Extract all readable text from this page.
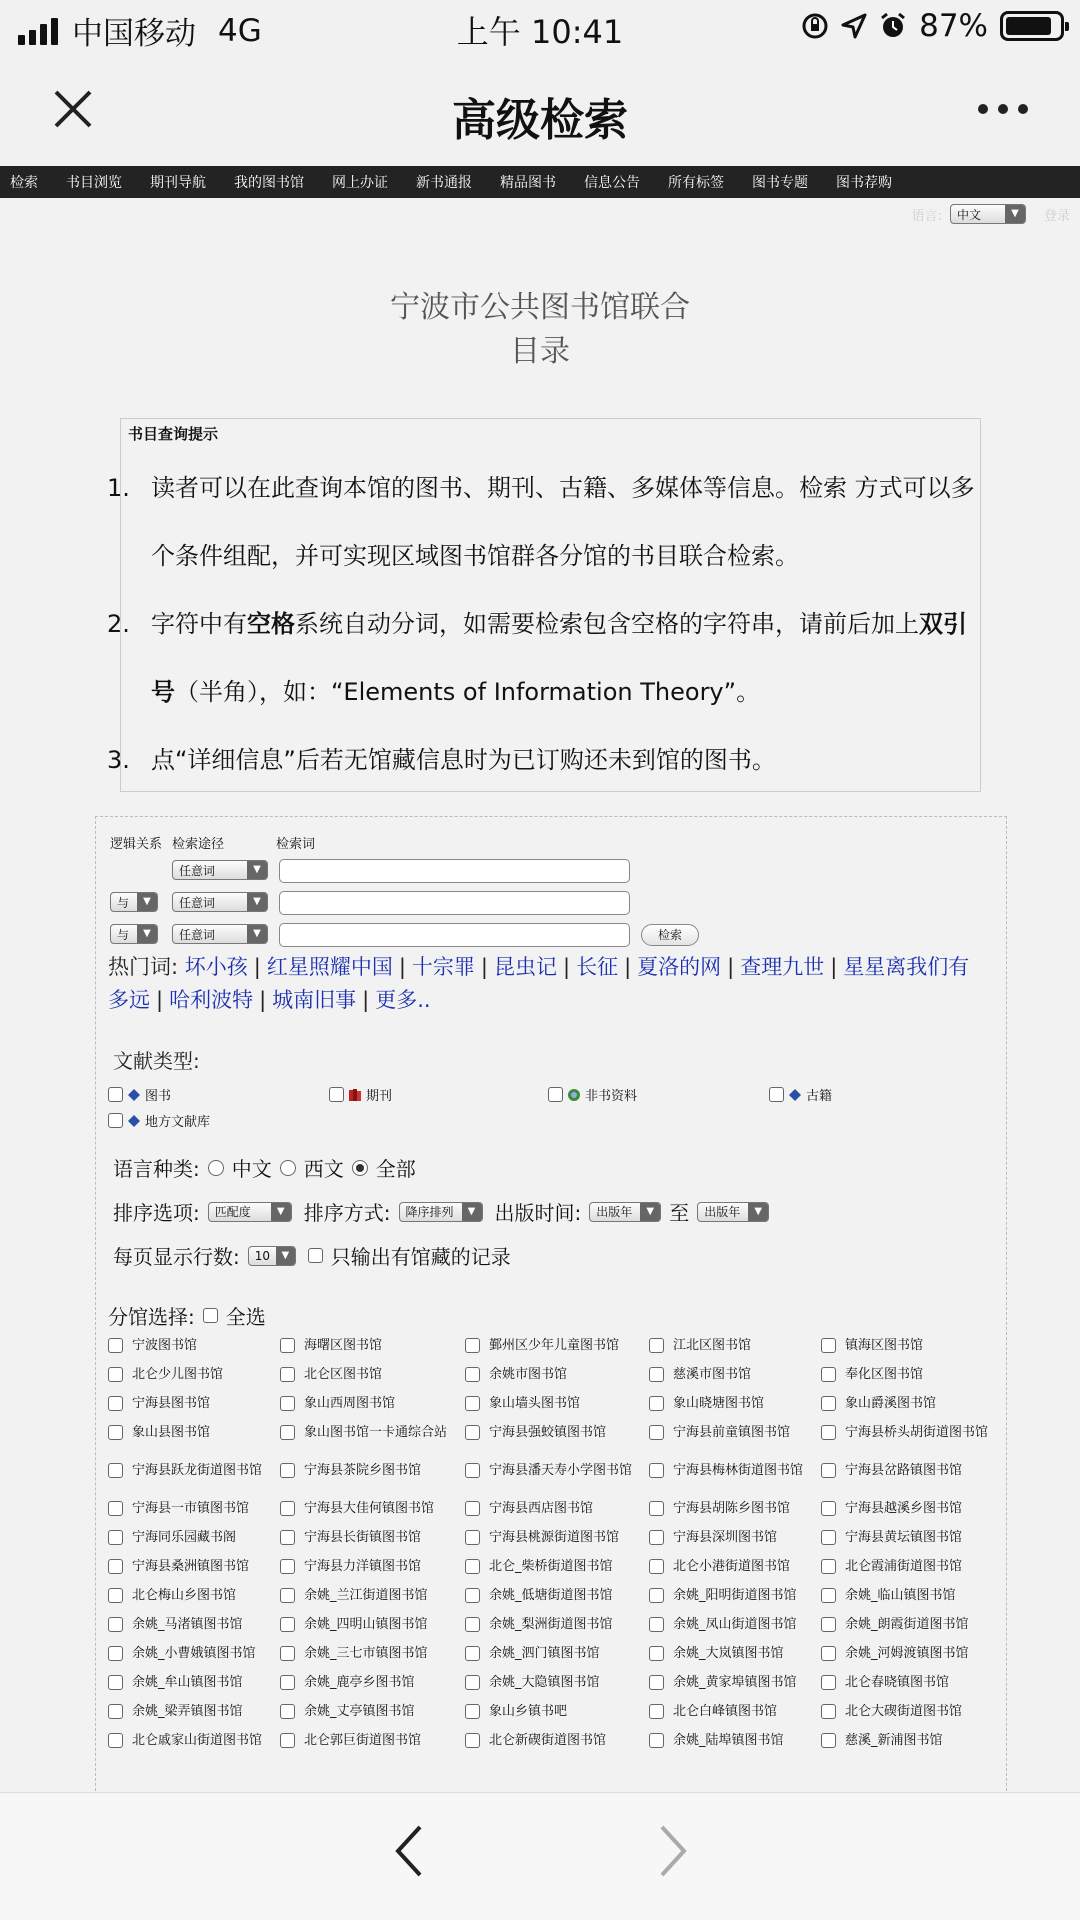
中国移动 4G	上午 10:41	87%
高级检索
检索 书目浏览 期刊导航 我的图书馆 网上办证 新书通报 精品图书 信息公告 所有标签 图书专题 图书荐购
语言: 中文	▼	登录
宁波市公共图书馆联合
目录
书目查询提示
1. 读者可以在此查询本馆的图书、期刊、古籍、多媒体等信息。检索 方式可以多个条件组配，并可实现区域图书馆群各分馆的书目联合检索。
2. 字符中有空格系统自动分词，如需要检索包含空格的字符串，请前后加上双引号（半角），如：“Elements of Information Theory”。
3. 点“详细信息”后若无馆藏信息时为已订购还未到馆的图书。
逻辑关系 检索途径	检索词
任意词	▼
与	▼	任意词	▼
与	▼	任意词	▼	检索
热门词: 坏小孩 | 红星照耀中国 | 十宗罪 | 昆虫记 | 长征 | 夏洛的网 | 查理九世 | 星星离我们有多远 | 哈利波特 | 城南旧事 | 更多..
文献类型:
图书	期刊	非书资料	古籍
地方文献库
语言种类: 中文 西文 全部
排序选项: 匹配度	▼ 排序方式: 降序排列	▼ 出版时间: 出版年	▼ 至 出版年	▼
每页显示行数: 10	▼ 只输出有馆藏的记录
分馆选择: 全选
宁波图书馆	海曙区图书馆	鄞州区少年儿童图书馆	江北区图书馆	镇海区图书馆
北仑少儿图书馆	北仑区图书馆	余姚市图书馆	慈溪市图书馆	奉化区图书馆
宁海县图书馆	象山西周图书馆	象山墙头图书馆	象山晓塘图书馆	象山爵溪图书馆
象山县图书馆	象山图书馆一卡通综合站	宁海县强蛟镇图书馆	宁海县前童镇图书馆	宁海县桥头胡街道图书馆
宁海县跃龙街道图书馆	宁海县茶院乡图书馆	宁海县潘天寿小学图书馆	宁海县梅林街道图书馆	宁海县岔路镇图书馆
宁海县一市镇图书馆	宁海县大佳何镇图书馆	宁海县西店图书馆	宁海县胡陈乡图书馆	宁海县越溪乡图书馆
宁海同乐园藏书阁	宁海县长街镇图书馆	宁海县桃源街道图书馆	宁海县深圳图书馆	宁海县黄坛镇图书馆
宁海县桑洲镇图书馆	宁海县力洋镇图书馆	北仑_柴桥街道图书馆	北仑小港街道图书馆	北仑霞浦街道图书馆
北仑梅山乡图书馆	余姚_兰江街道图书馆	余姚_低塘街道图书馆	余姚_阳明街道图书馆	余姚_临山镇图书馆
余姚_马渚镇图书馆	余姚_四明山镇图书馆	余姚_梨洲街道图书馆	余姚_凤山街道图书馆	余姚_朗霞街道图书馆
余姚_小曹娥镇图书馆	余姚_三七市镇图书馆	余姚_泗门镇图书馆	余姚_大岚镇图书馆	余姚_河姆渡镇图书馆
余姚_牟山镇图书馆	余姚_鹿亭乡图书馆	余姚_大隐镇图书馆	余姚_黄家埠镇图书馆	北仑春晓镇图书馆
余姚_梁弄镇图书馆	余姚_丈亭镇图书馆	象山乡镇书吧	北仑白峰镇图书馆	北仑大碶街道图书馆
北仑戚家山街道图书馆	北仑郭巨街道图书馆	北仑新碶街道图书馆	余姚_陆埠镇图书馆	慈溪_新浦图书馆
